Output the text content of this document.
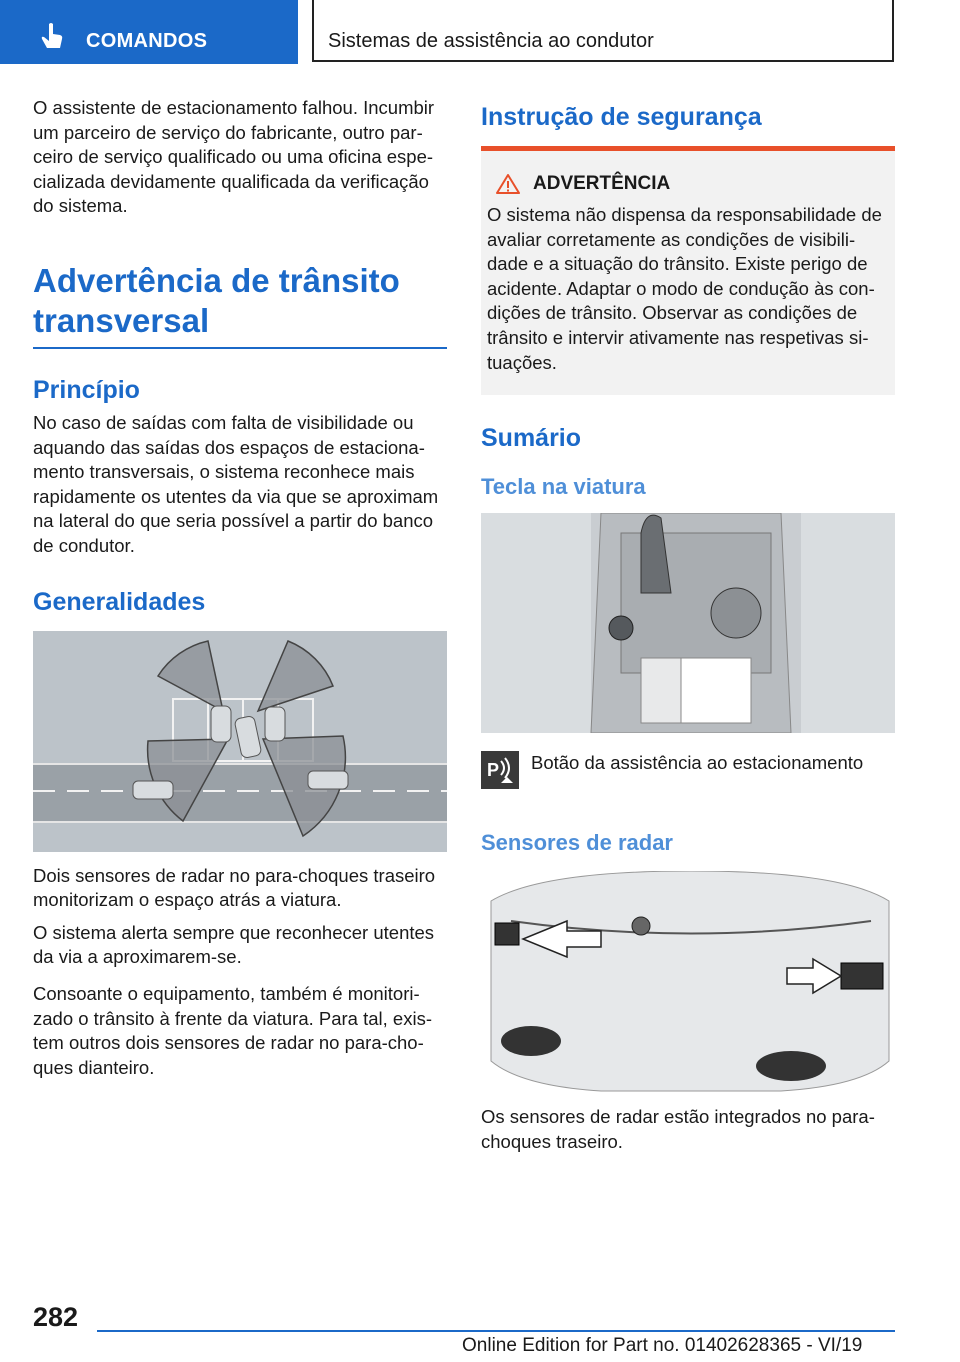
COMANDOS	Sistemas de assistência ao condutor

O assistente de estacionamento falhou. Incumbir um parceiro de serviço do fabricante, outro parceiro de serviço qualificado ou uma oficina especializada devidamente qualificada da verificação do sistema.

Advertência de trânsito transversal
Princípio

No caso de saídas com falta de visibilidade ou aquando das saídas dos espaços de estacionamento transversais, o sistema reconhece mais rapidamente os utentes da via que se aproximam na lateral do que seria possível a partir do banco de condutor.

Generalidades

Dois sensores de radar no para-choques traseiro monitorizam o espaço atrás a viatura.

O sistema alerta sempre que reconhecer utentes da via a aproximarem-se.

Consoante o equipamento, também é monitorizado o trânsito à frente da viatura. Para tal, existem outros dois sensores de radar no para-choques dianteiro.

Instrução de segurança
ADVERTÊNCIA

O sistema não dispensa da responsabilidade de avaliar corretamente as condições de visibilidade e a situação do trânsito. Existe perigo de acidente. Adaptar o modo de condução às condições de trânsito. Observar as condições de trânsito e intervir ativamente nas respetivas situações.

Sumário
Tecla na viatura
P Botão da assistência ao estacionamento

Sensores de radar

Os sensores de radar estão integrados no para-choques traseiro.

282
Online Edition for Part no. 01402628365 - VI/19
